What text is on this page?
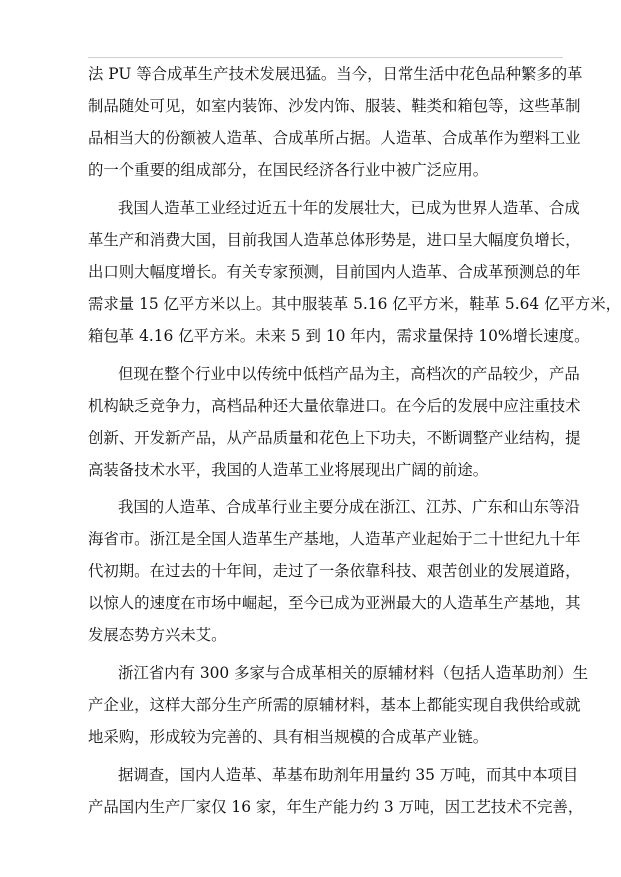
法 PU 等合成革生产技术发展迅猛。当今，日常生活中花色品种繁多的革
制品随处可见，如室内装饰、沙发内饰、服装、鞋类和箱包等，这些革制
品相当大的份额被人造革、合成革所占据。人造革、合成革作为塑料工业
的一个重要的组成部分，在国民经济各行业中被广泛应用。
我国人造革工业经过近五十年的发展壮大，已成为世界人造革、合成
革生产和消费大国，目前我国人造革总体形势是，进口呈大幅度负增长，
出口则大幅度增长。有关专家预测，目前国内人造革、合成革预测总的年
需求量 15 亿平方米以上。其中服装革 5.16 亿平方米，鞋革 5.64 亿平方米，
箱包革 4.16 亿平方米。未来 5 到 10 年内，需求量保持 10%增长速度。
但现在整个行业中以传统中低档产品为主，高档次的产品较少，产品
机构缺乏竞争力，高档品种还大量依靠进口。在今后的发展中应注重技术
创新、开发新产品，从产品质量和花色上下功夫，不断调整产业结构，提
高装备技术水平，我国的人造革工业将展现出广阔的前途。
我国的人造革、合成革行业主要分成在浙江、江苏、广东和山东等沿
海省市。浙江是全国人造革生产基地，人造革产业起始于二十世纪九十年
代初期。在过去的十年间，走过了一条依靠科技、艰苦创业的发展道路，
以惊人的速度在市场中崛起，至今已成为亚洲最大的人造革生产基地，其
发展态势方兴未艾。
浙江省内有 300 多家与合成革相关的原辅材料（包括人造革助剂）生
产企业，这样大部分生产所需的原辅材料，基本上都能实现自我供给或就
地采购，形成较为完善的、具有相当规模的合成革产业链。
据调查，国内人造革、革基布助剂年用量约 35 万吨，而其中本项目
产品国内生产厂家仅 16 家，年生产能力约 3 万吨，因工艺技术不完善，
